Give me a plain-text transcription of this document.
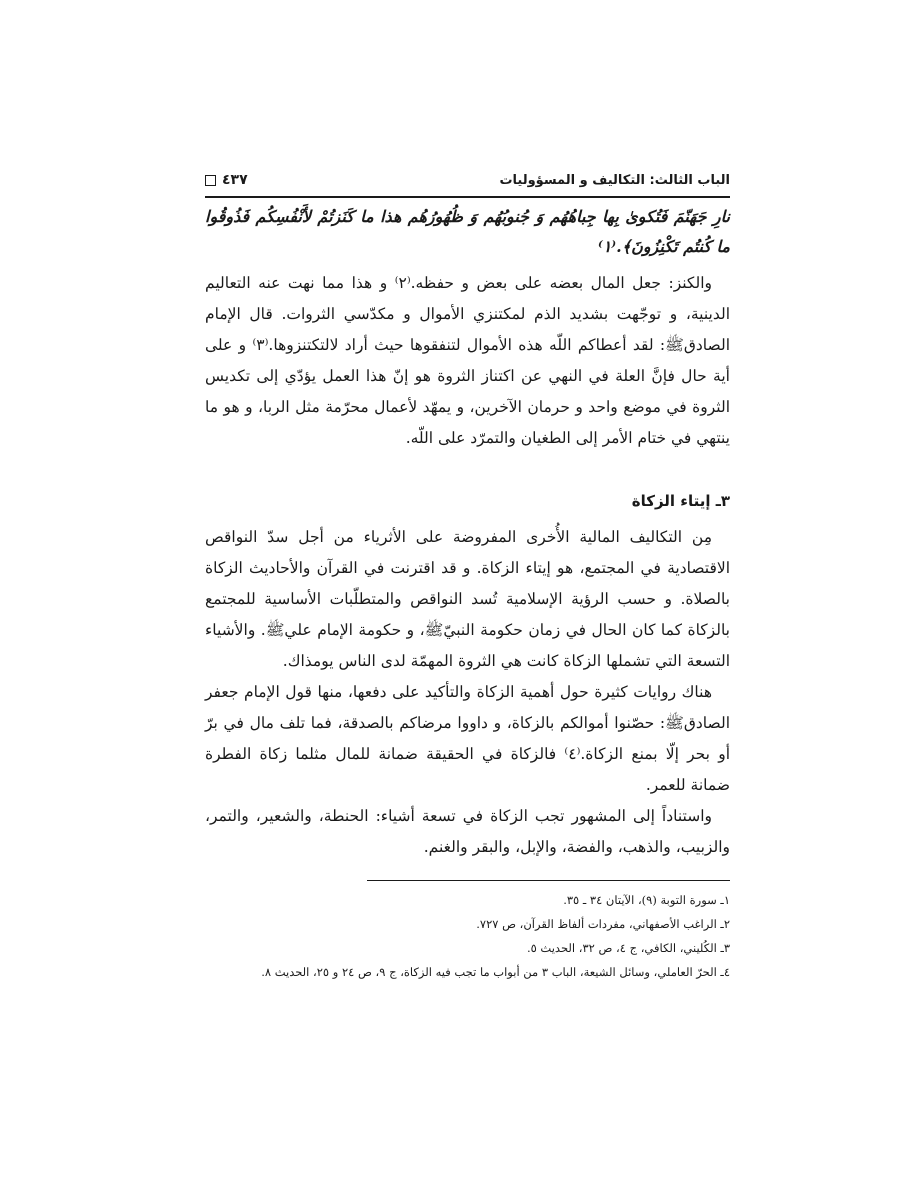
الباب الثالث: التكاليف و المسؤوليات
٤٣٧
نارِ جَهَنّمَ فَتُكوىٰ بِها جِباهُهُم وَ جُنوبُهُم وَ ظُهُورُهُم هذا ما كَنَزتُمْ لأَنْفُسِكُم فَذُوقُوا ما كُنتُم تَكْنِزُونَ﴾.⁽١⁾

والكنز: جعل المال بعضه على بعض و حفظه.⁽٢⁾ و هذا مما نهت عنه التعاليم الدينية، و توجّهت بشديد الذم لمكتنزي الأموال و مكدّسي الثروات. قال الإمام الصادقﷺ: لقد أعطاكم اللّه هذه الأموال لتنفقوها حيث أراد لالتكتنزوها.⁽٣⁾ و على أية حال فإنَّ العلة في النهي عن اكتناز الثروة هو إنّ هذا العمل يؤدّي إلى تكديس الثروة في موضع واحد و حرمان الآخرين، و يمهّد لأعمال محرّمة مثل الربا، و هو ما ينتهي في ختام الأمر إلى الطغيان والتمرّد على اللّه.

٣ـ إيتاء الزكاة

مِن التكاليف المالية الأُخرى المفروضة على الأثرياء من أجل سدّ النواقص الاقتصادية في المجتمع، هو إيتاء الزكاة. و قد اقترنت في القرآن والأحاديث الزكاة بالصلاة. و حسب الرؤية الإسلامية تُسد النواقص والمتطلّبات الأساسية للمجتمع بالزكاة كما كان الحال في زمان حكومة النبيّﷺ، و حكومة الإمام عليﷺ. والأشياء التسعة التي تشملها الزكاة كانت هي الثروة المهمّة لدى الناس يومذاك.

هناك روايات كثيرة حول أهمية الزكاة والتأكيد على دفعها، منها قول الإمام جعفر الصادقﷺ: حصّنوا أموالكم بالزكاة، و داووا مرضاكم بالصدقة، فما تلف مال في برّ أو بحر إلّا بمنع الزكاة.⁽٤⁾ فالزكاة في الحقيقة ضمانة للمال مثلما زكاة الفطرة ضمانة للعمر.

واستناداً إلى المشهور تجب الزكاة في تسعة أشياء: الحنطة، والشعير، والتمر، والزبيب، والذهب، والفضة، والإبل، والبقر والغنم.

١ـ سورة التوبة (٩)، الآيتان ٣٤ ـ ٣٥.
٢ـ الراغب الأصفهاني، مفردات ألفاظ القرآن، ص ٧٢٧.
٣ـ الكُليني، الكافي، ج ٤، ص ٣٢، الحديث ٥.
٤ـ الحرّ العاملي، وسائل الشيعة، الباب ٣ من أبواب ما تجب فيه الزكاة، ج ٩، ص ٢٤ و ٢٥، الحديث ٨.
